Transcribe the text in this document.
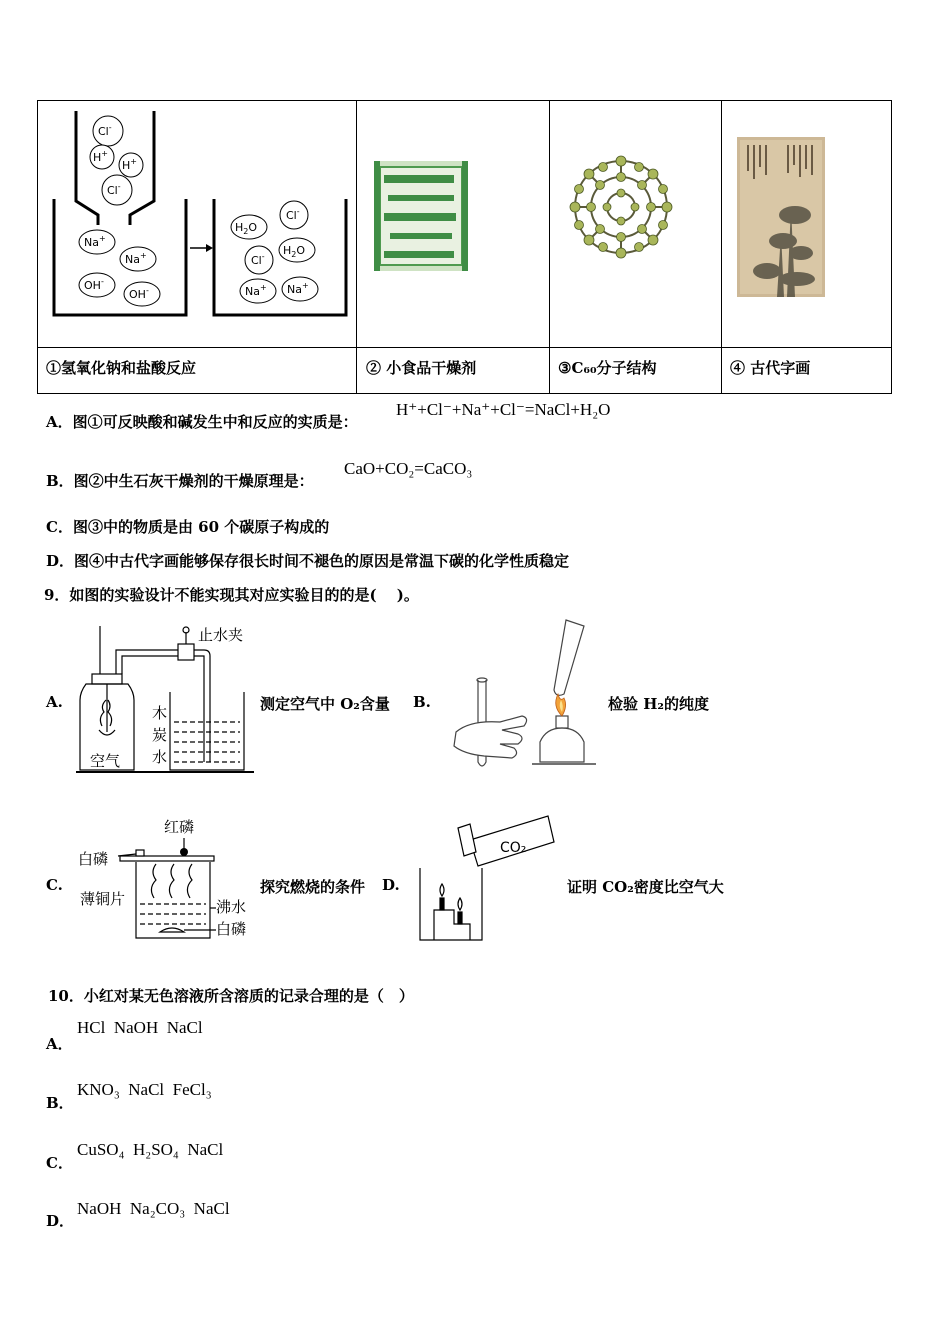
Cl-
H+
H+
Cl-
Na+
Na+
OH-
OH-
$H_2O$
Cl-
$H_2O$
Cl-
Na+ Na+
①氢氧化钠和盐酸反应	② 小食品干燥剂	③C₆₀分子结构	④ 古代字画
A．图①可反映酸和碱发生中和反应的实质是：
H⁺+Cl⁻+Na⁺+Cl⁻=NaCl+H₂O
B．图②中生石灰干燥剂的干燥原理是：
CaO+CO₂=CaCO₃
C．图③中的物质是由 60 个碳原子构成的
D．图④中古代字画能够保存很长时间不褪色的原因是常温下碳的化学性质稳定
9．如图的实验设计不能实现其对应实验目的的是(　 )。
A.
止水夹
木
炭
水
空气
测定空气中 O₂含量 B.	检验 H₂的纯度
C.
红磷
白磷
薄铜片	沸水
白磷
探究燃烧的条件 D.
CO₂
证明 CO₂密度比空气大
10．小红对某无色溶液所含溶质的记录合理的是（　）
A．
HCl  NaOH  NaCl
B．
KNO₃  NaCl  FeCl₃
C．
CuSO₄  H₂SO₄  NaCl
D．
NaOH  Na₂CO₃  NaCl
